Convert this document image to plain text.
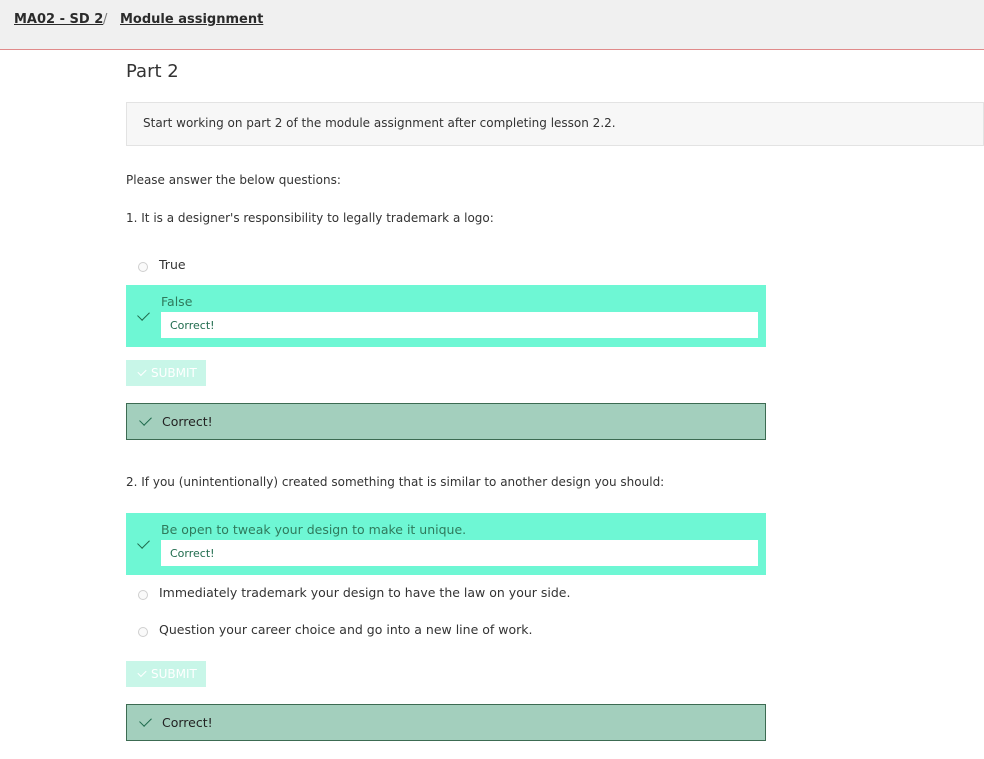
MA02 - SD 2 / Module assignment
Part 2
Start working on part 2 of the module assignment after completing lesson 2.2.
Please answer the below questions:
1. It is a designer's responsibility to legally trademark a logo:
True
False
Correct!
SUBMIT
Correct!
2. If you (unintentionally) created something that is similar to another design you should:
Be open to tweak your design to make it unique.
Correct!
Immediately trademark your design to have the law on your side.
Question your career choice and go into a new line of work.
SUBMIT
Correct!
